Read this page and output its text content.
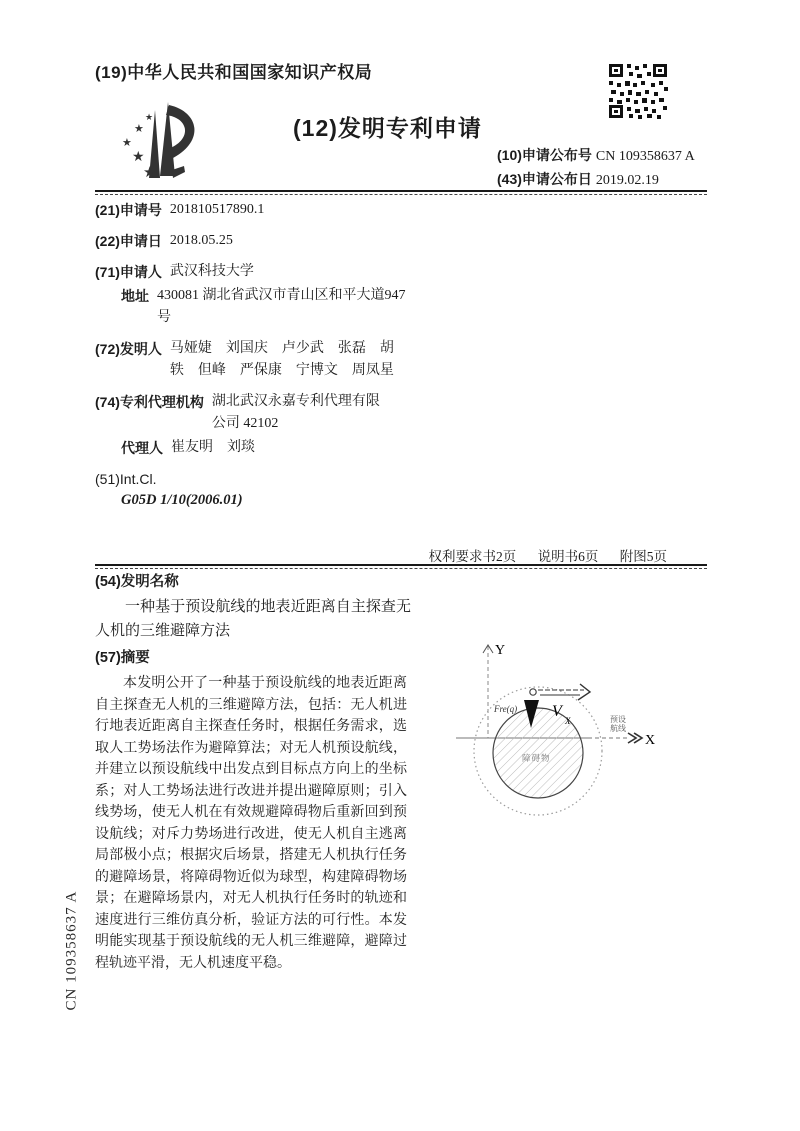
(19)中华人民共和国国家知识产权局
★
★
★
★
★
(12)发明专利申请
(10)申请公布号 CN 109358637 A
(43)申请公布日 2019.02.19
(21)申请号 201810517890.1
(22)申请日 2018.05.25
(71)申请人 武汉科技大学
地址 430081 湖北省武汉市青山区和平大道947号
(72)发明人 马娅婕　刘国庆　卢少武　张磊　胡轶　但峰　严保康　宁博文　周凤星
(74)专利代理机构 湖北武汉永嘉专利代理有限公司 42102
代理人 崔友明　刘琰
(51)Int.Cl.
G05D 1/10(2006.01)
权利要求书2页 说明书6页 附图5页
(54)发明名称

一种基于预设航线的地表近距离自主探查无人机的三维避障方法

(57)摘要

本发明公开了一种基于预设航线的地表近距离自主探查无人机的三维避障方法，包括：无人机进行地表近距离自主探查任务时，根据任务需求，选取人工势场法作为避障算法；对无人机预设航线，并建立以预设航线中出发点到目标点方向上的坐标系；对人工势场法进行改进并提出避障原则；引入线势场，使无人机在有效规避障碍物后重新回到预设航线；对斥力势场进行改进，使无人机自主逃离局部极小点；根据灾后场景，搭建无人机执行任务的避障场景，将障碍物近似为球型，构建障碍物场景；在避障场景内，对无人机执行任务时的轨迹和速度进行三维仿真分析，验证方法的可行性。本发明能实现基于预设航线的无人机三维避障，避障过程轨迹平滑，无人机速度平稳。

Y
X
预设
航线
障碍物
V
X
Fre(q)
CN 109358637 A
